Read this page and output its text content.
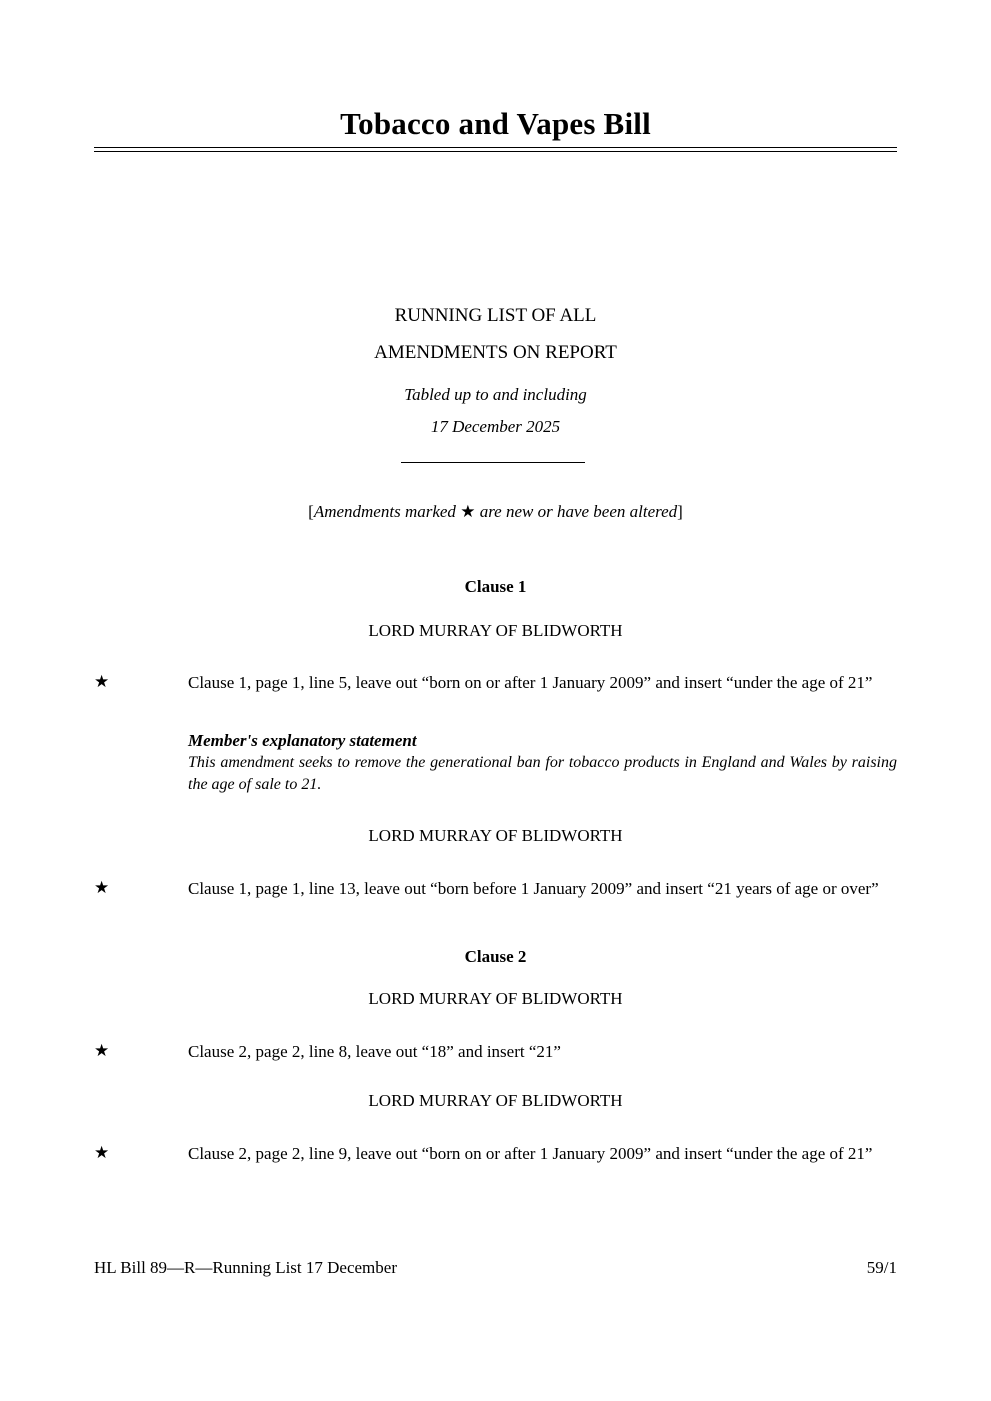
Tobacco and Vapes Bill
RUNNING LIST OF ALL
AMENDMENTS ON REPORT
Tabled up to and including
17 December 2025
[Amendments marked ★ are new or have been altered]
Clause 1
LORD MURRAY OF BLIDWORTH
★	Clause 1, page 1, line 5, leave out “born on or after 1 January 2009” and insert “under the age of 21”
Member's explanatory statement
This amendment seeks to remove the generational ban for tobacco products in England and Wales by raising the age of sale to 21.
LORD MURRAY OF BLIDWORTH
★	Clause 1, page 1, line 13, leave out “born before 1 January 2009” and insert “21 years of age or over”
Clause 2
LORD MURRAY OF BLIDWORTH
★	Clause 2, page 2, line 8, leave out “18” and insert “21”
LORD MURRAY OF BLIDWORTH
★	Clause 2, page 2, line 9, leave out “born on or after 1 January 2009” and insert “under the age of 21”
HL Bill 89—R—Running List 17 December	59/1
